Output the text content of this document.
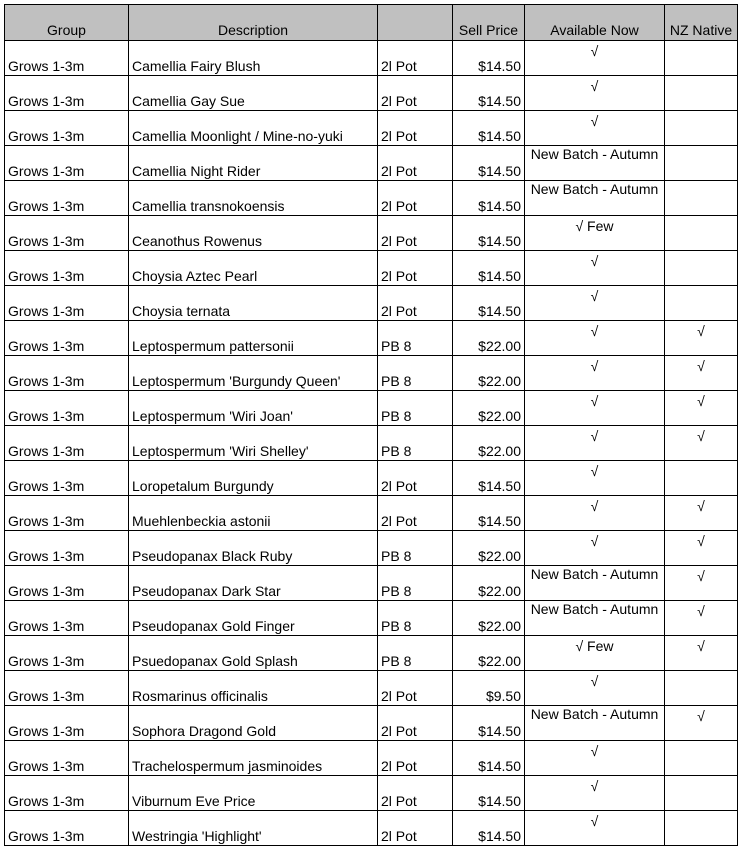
Group	Description		Sell Price	Available Now	NZ Native
Grows 1-3m	Camellia Fairy Blush	2l Pot	$14.50	√	
Grows 1-3m	Camellia Gay Sue	2l Pot	$14.50	√	
Grows 1-3m	Camellia Moonlight / Mine-no-yuki	2l Pot	$14.50	√	
Grows 1-3m	Camellia Night Rider	2l Pot	$14.50	New Batch - Autumn	
Grows 1-3m	Camellia transnokoensis	2l Pot	$14.50	New Batch - Autumn	
Grows 1-3m	Ceanothus Rowenus	2l Pot	$14.50	√ Few	
Grows 1-3m	Choysia Aztec Pearl	2l Pot	$14.50	√	
Grows 1-3m	Choysia ternata	2l Pot	$14.50	√	
Grows 1-3m	Leptospermum pattersonii	PB 8	$22.00	√	√
Grows 1-3m	Leptospermum 'Burgundy Queen'	PB 8	$22.00	√	√
Grows 1-3m	Leptospermum 'Wiri Joan'	PB 8	$22.00	√	√
Grows 1-3m	Leptospermum 'Wiri Shelley'	PB 8	$22.00	√	√
Grows 1-3m	Loropetalum Burgundy	2l Pot	$14.50	√	
Grows 1-3m	Muehlenbeckia astonii	2l Pot	$14.50	√	√
Grows 1-3m	Pseudopanax Black Ruby	PB 8	$22.00	√	√
Grows 1-3m	Pseudopanax Dark Star	PB 8	$22.00	New Batch - Autumn	√
Grows 1-3m	Pseudopanax Gold Finger	PB 8	$22.00	New Batch - Autumn	√
Grows 1-3m	Psuedopanax Gold Splash	PB 8	$22.00	√ Few	√
Grows 1-3m	Rosmarinus officinalis	2l Pot	$9.50	√	
Grows 1-3m	Sophora Dragond Gold	2l Pot	$14.50	New Batch - Autumn	√
Grows 1-3m	Trachelospermum jasminoides	2l Pot	$14.50	√	
Grows 1-3m	Viburnum Eve Price	2l Pot	$14.50	√	
Grows 1-3m	Westringia 'Highlight'	2l Pot	$14.50	√	
